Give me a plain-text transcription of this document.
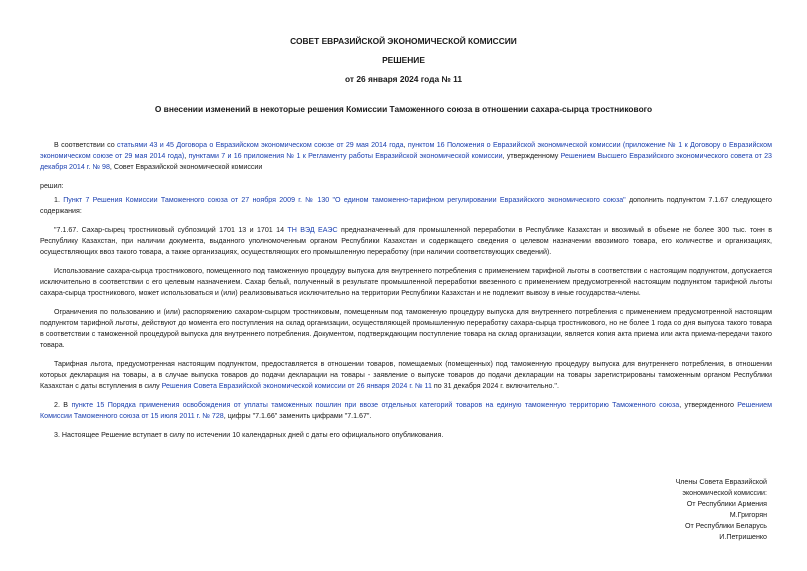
СОВЕТ ЕВРАЗИЙСКОЙ ЭКОНОМИЧЕСКОЙ КОМИССИИ
РЕШЕНИЕ
от 26 января 2024 года № 11
О внесении изменений в некоторые решения Комиссии Таможенного союза в отношении сахара-сырца тростникового

В соответствии со статьями 43 и 45 Договора о Евразийском экономическом союзе от 29 мая 2014 года, пунктом 16 Положения о Евразийской экономической комиссии (приложение № 1 к Договору о Евразийском экономическом союзе от 29 мая 2014 года), пунктами 7 и 16 приложения № 1 к Регламенту работы Евразийской экономической комиссии, утвержденному Решением Высшего Евразийского экономического совета от 23 декабря 2014 г. № 98, Совет Евразийской экономической комиссии

решил:

1. Пункт 7 Решения Комиссии Таможенного союза от 27 ноября 2009 г. № 130 "О едином таможенно-тарифном регулировании Евразийского экономического союза" дополнить подпунктом 7.1.67 следующего содержания:

"7.1.67. Сахар-сырец тростниковый субпозиций 1701 13 и 1701 14 ТН ВЭД ЕАЭС предназначенный для промышленной переработки в Республике Казахстан и ввозимый в объеме не более 300 тыс. тонн в Республику Казахстан, при наличии документа, выданного уполномоченным органом Республики Казахстан и содержащего сведения о целевом назначении ввозимого товара, его количестве и организациях, осуществляющих ввоз такого товара, а также организациях, осуществляющих его промышленную переработку (при наличии соответствующих сведений).

Использование сахара-сырца тростникового, помещенного под таможенную процедуру выпуска для внутреннего потребления с применением тарифной льготы в соответствии с настоящим подпунктом, допускается исключительно в соответствии с его целевым назначением. Сахар белый, полученный в результате промышленной переработки ввезенного с применением предусмотренной настоящим подпунктом тарифной льготы сахара-сырца тростникового, может использоваться и (или) реализовываться исключительно на территории Республики Казахстан и не подлежит вывозу в иные государства-члены.

Ограничения по пользованию и (или) распоряжению сахаром-сырцом тростниковым, помещенным под таможенную процедуру выпуска для внутреннего потребления с применением предусмотренной настоящим подпунктом тарифной льготы, действуют до момента его поступления на склад организации, осуществляющей промышленную переработку сахара-сырца тростникового, но не более 1 года со дня выпуска такого товара в соответствии с таможенной процедурой выпуска для внутреннего потребления. Документом, подтверждающим поступление товара на склад организации, является копия акта приема или акта приема-передачи такого товара.

Тарифная льгота, предусмотренная настоящим подпунктом, предоставляется в отношении товаров, помещаемых (помещенных) под таможенную процедуру выпуска для внутреннего потребления, в отношении которых декларация на товары, а в случае выпуска товаров до подачи декларации на товары - заявление о выпуске товаров до подачи декларации на товары зарегистрированы таможенным органом Республики Казахстан с даты вступления в силу Решения Совета Евразийской экономической комиссии от 26 января 2024 г. № 11 по 31 декабря 2024 г. включительно.".

2. В пункте 15 Порядка применения освобождения от уплаты таможенных пошлин при ввозе отдельных категорий товаров на единую таможенную территорию Таможенного союза, утвержденного Решением Комиссии Таможенного союза от 15 июля 2011 г. № 728, цифры "7.1.66" заменить цифрами "7.1.67".

3. Настоящее Решение вступает в силу по истечении 10 календарных дней с даты его официального опубликования.

Члены Совета Евразийской
экономической комиссии:
От Республики Армения
М.Григорян
От Республики Беларусь
И.Петришенко
